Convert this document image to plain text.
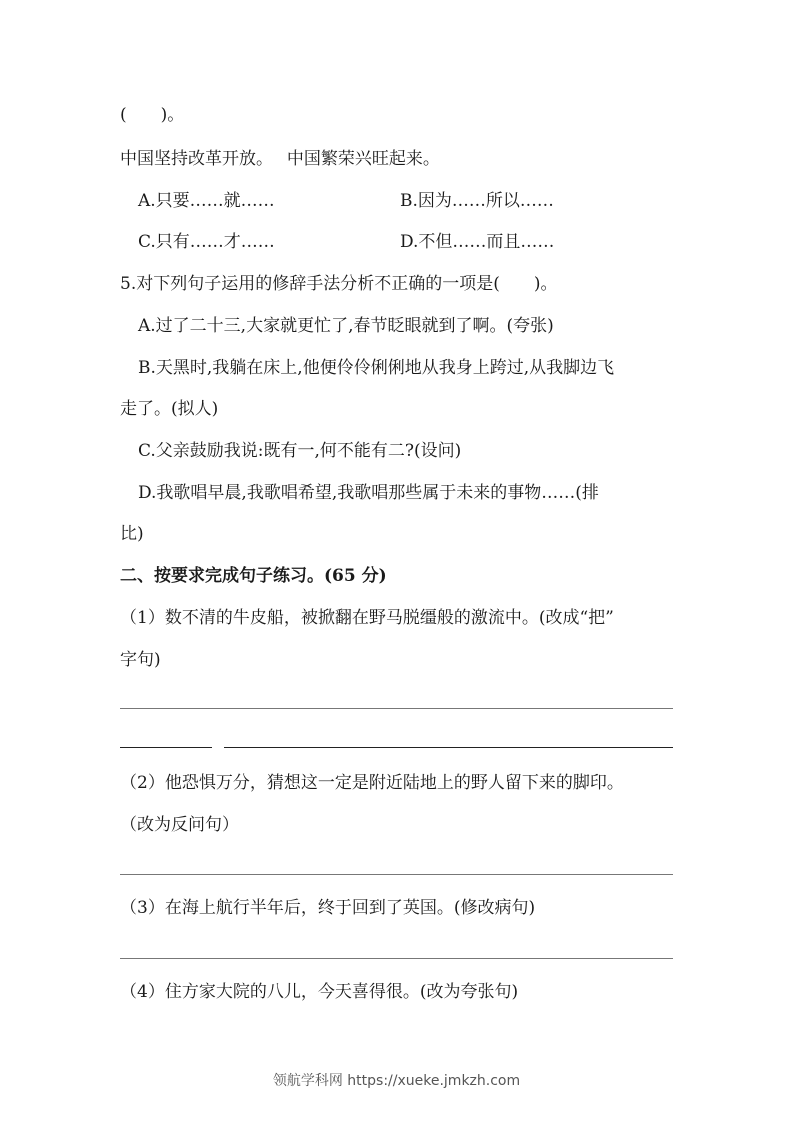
(　　)。
中国坚持改革开放。　 中国繁荣兴旺起来。
A.只要……就……	B.因为……所以……
C.只有……才……	D.不但……而且……
5.对下列句子运用的修辞手法分析不正确的一项是(　　)。
A.过了二十三,大家就更忙了,春节眨眼就到了啊。(夸张)
B.天黑时,我躺在床上,他便伶伶俐俐地从我身上跨过,从我脚边飞
走了。(拟人)
C.父亲鼓励我说:既有一,何不能有二?(设问)
D.我歌唱早晨,我歌唱希望,我歌唱那些属于未来的事物……(排
比)
二、按要求完成句子练习。(65 分)
（1）数不清的牛皮船，被掀翻在野马脱缰般的激流中。(改成“把”
字句)
（2）他恐惧万分，猜想这一定是附近陆地上的野人留下来的脚印。
（改为反问句）
（3）在海上航行半年后，终于回到了英国。(修改病句)
（4）住方家大院的八儿，今天喜得很。(改为夸张句)
领航学科网 https://xueke.jmkzh.com
